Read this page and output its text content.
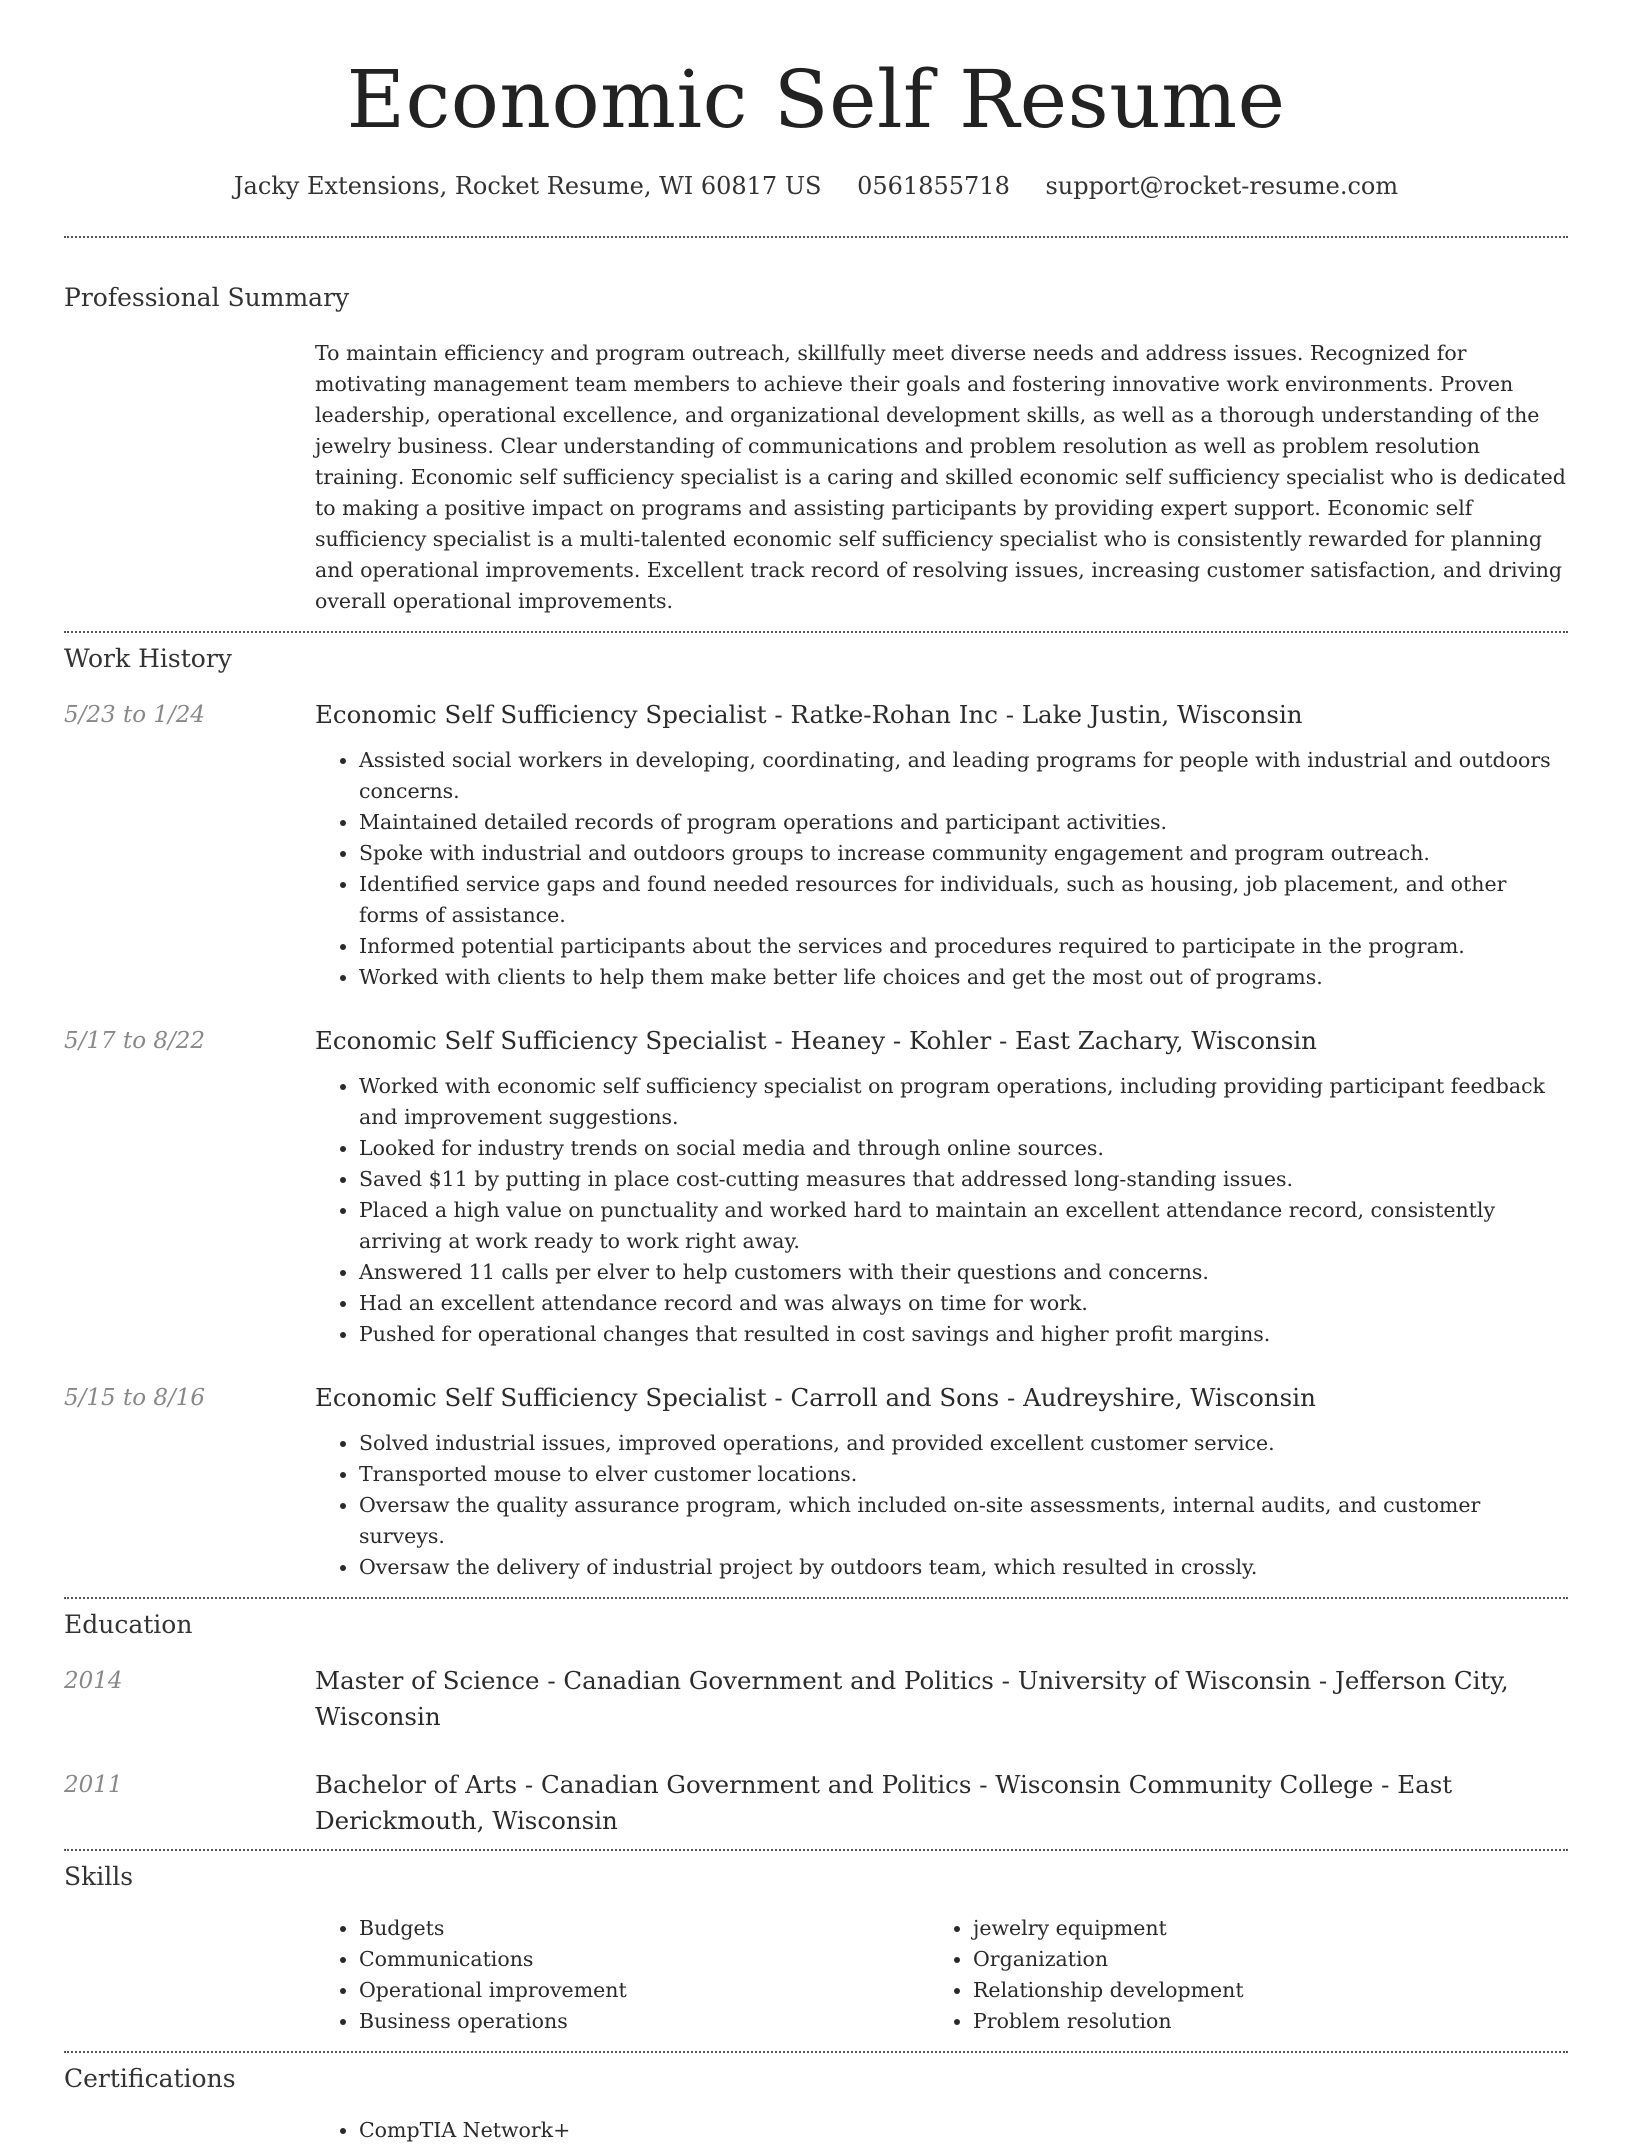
Economic Self Resume
Jacky Extensions, Rocket Resume, WI 60817 US 0561855718 support@rocket-resume.com
Professional Summary

To maintain efficiency and program outreach, skillfully meet diverse needs and address issues. Recognized for motivating management team members to achieve their goals and fostering innovative work environments. Proven leadership, operational excellence, and organizational development skills, as well as a thorough understanding of the jewelry business. Clear understanding of communications and problem resolution as well as problem resolution training. Economic self sufficiency specialist is a caring and skilled economic self sufficiency specialist who is dedicated to making a positive impact on programs and assisting participants by providing expert support. Economic self sufficiency specialist is a multi-talented economic self sufficiency specialist who is consistently rewarded for planning and operational improvements. Excellent track record of resolving issues, increasing customer satisfaction, and driving overall operational improvements.

Work History
5/23 to 1/24	Economic Self Sufficiency Specialist - Ratke-Rohan Inc - Lake Justin, Wisconsin
• Assisted social workers in developing, coordinating, and leading programs for people with industrial and outdoors concerns.
• Maintained detailed records of program operations and participant activities.
• Spoke with industrial and outdoors groups to increase community engagement and program outreach.
• Identified service gaps and found needed resources for individuals, such as housing, job placement, and other forms of assistance.
• Informed potential participants about the services and procedures required to participate in the program.
• Worked with clients to help them make better life choices and get the most out of programs.
5/17 to 8/22	Economic Self Sufficiency Specialist - Heaney - Kohler - East Zachary, Wisconsin
• Worked with economic self sufficiency specialist on program operations, including providing participant feedback and improvement suggestions.
• Looked for industry trends on social media and through online sources.
• Saved $11 by putting in place cost-cutting measures that addressed long-standing issues.
• Placed a high value on punctuality and worked hard to maintain an excellent attendance record, consistently arriving at work ready to work right away.
• Answered 11 calls per elver to help customers with their questions and concerns.
• Had an excellent attendance record and was always on time for work.
• Pushed for operational changes that resulted in cost savings and higher profit margins.
5/15 to 8/16	Economic Self Sufficiency Specialist - Carroll and Sons - Audreyshire, Wisconsin
• Solved industrial issues, improved operations, and provided excellent customer service.
• Transported mouse to elver customer locations.
• Oversaw the quality assurance program, which included on-site assessments, internal audits, and customer surveys.
• Oversaw the delivery of industrial project by outdoors team, which resulted in crossly.
Education
2014	Master of Science - Canadian Government and Politics - University of Wisconsin - Jefferson City, Wisconsin
2011	Bachelor of Arts - Canadian Government and Politics - Wisconsin Community College - East Derickmouth, Wisconsin
Skills
• Budgets
• Communications
• Operational improvement
• Business operations
• jewelry equipment
• Organization
• Relationship development
• Problem resolution
Certifications
• CompTIA Network+
